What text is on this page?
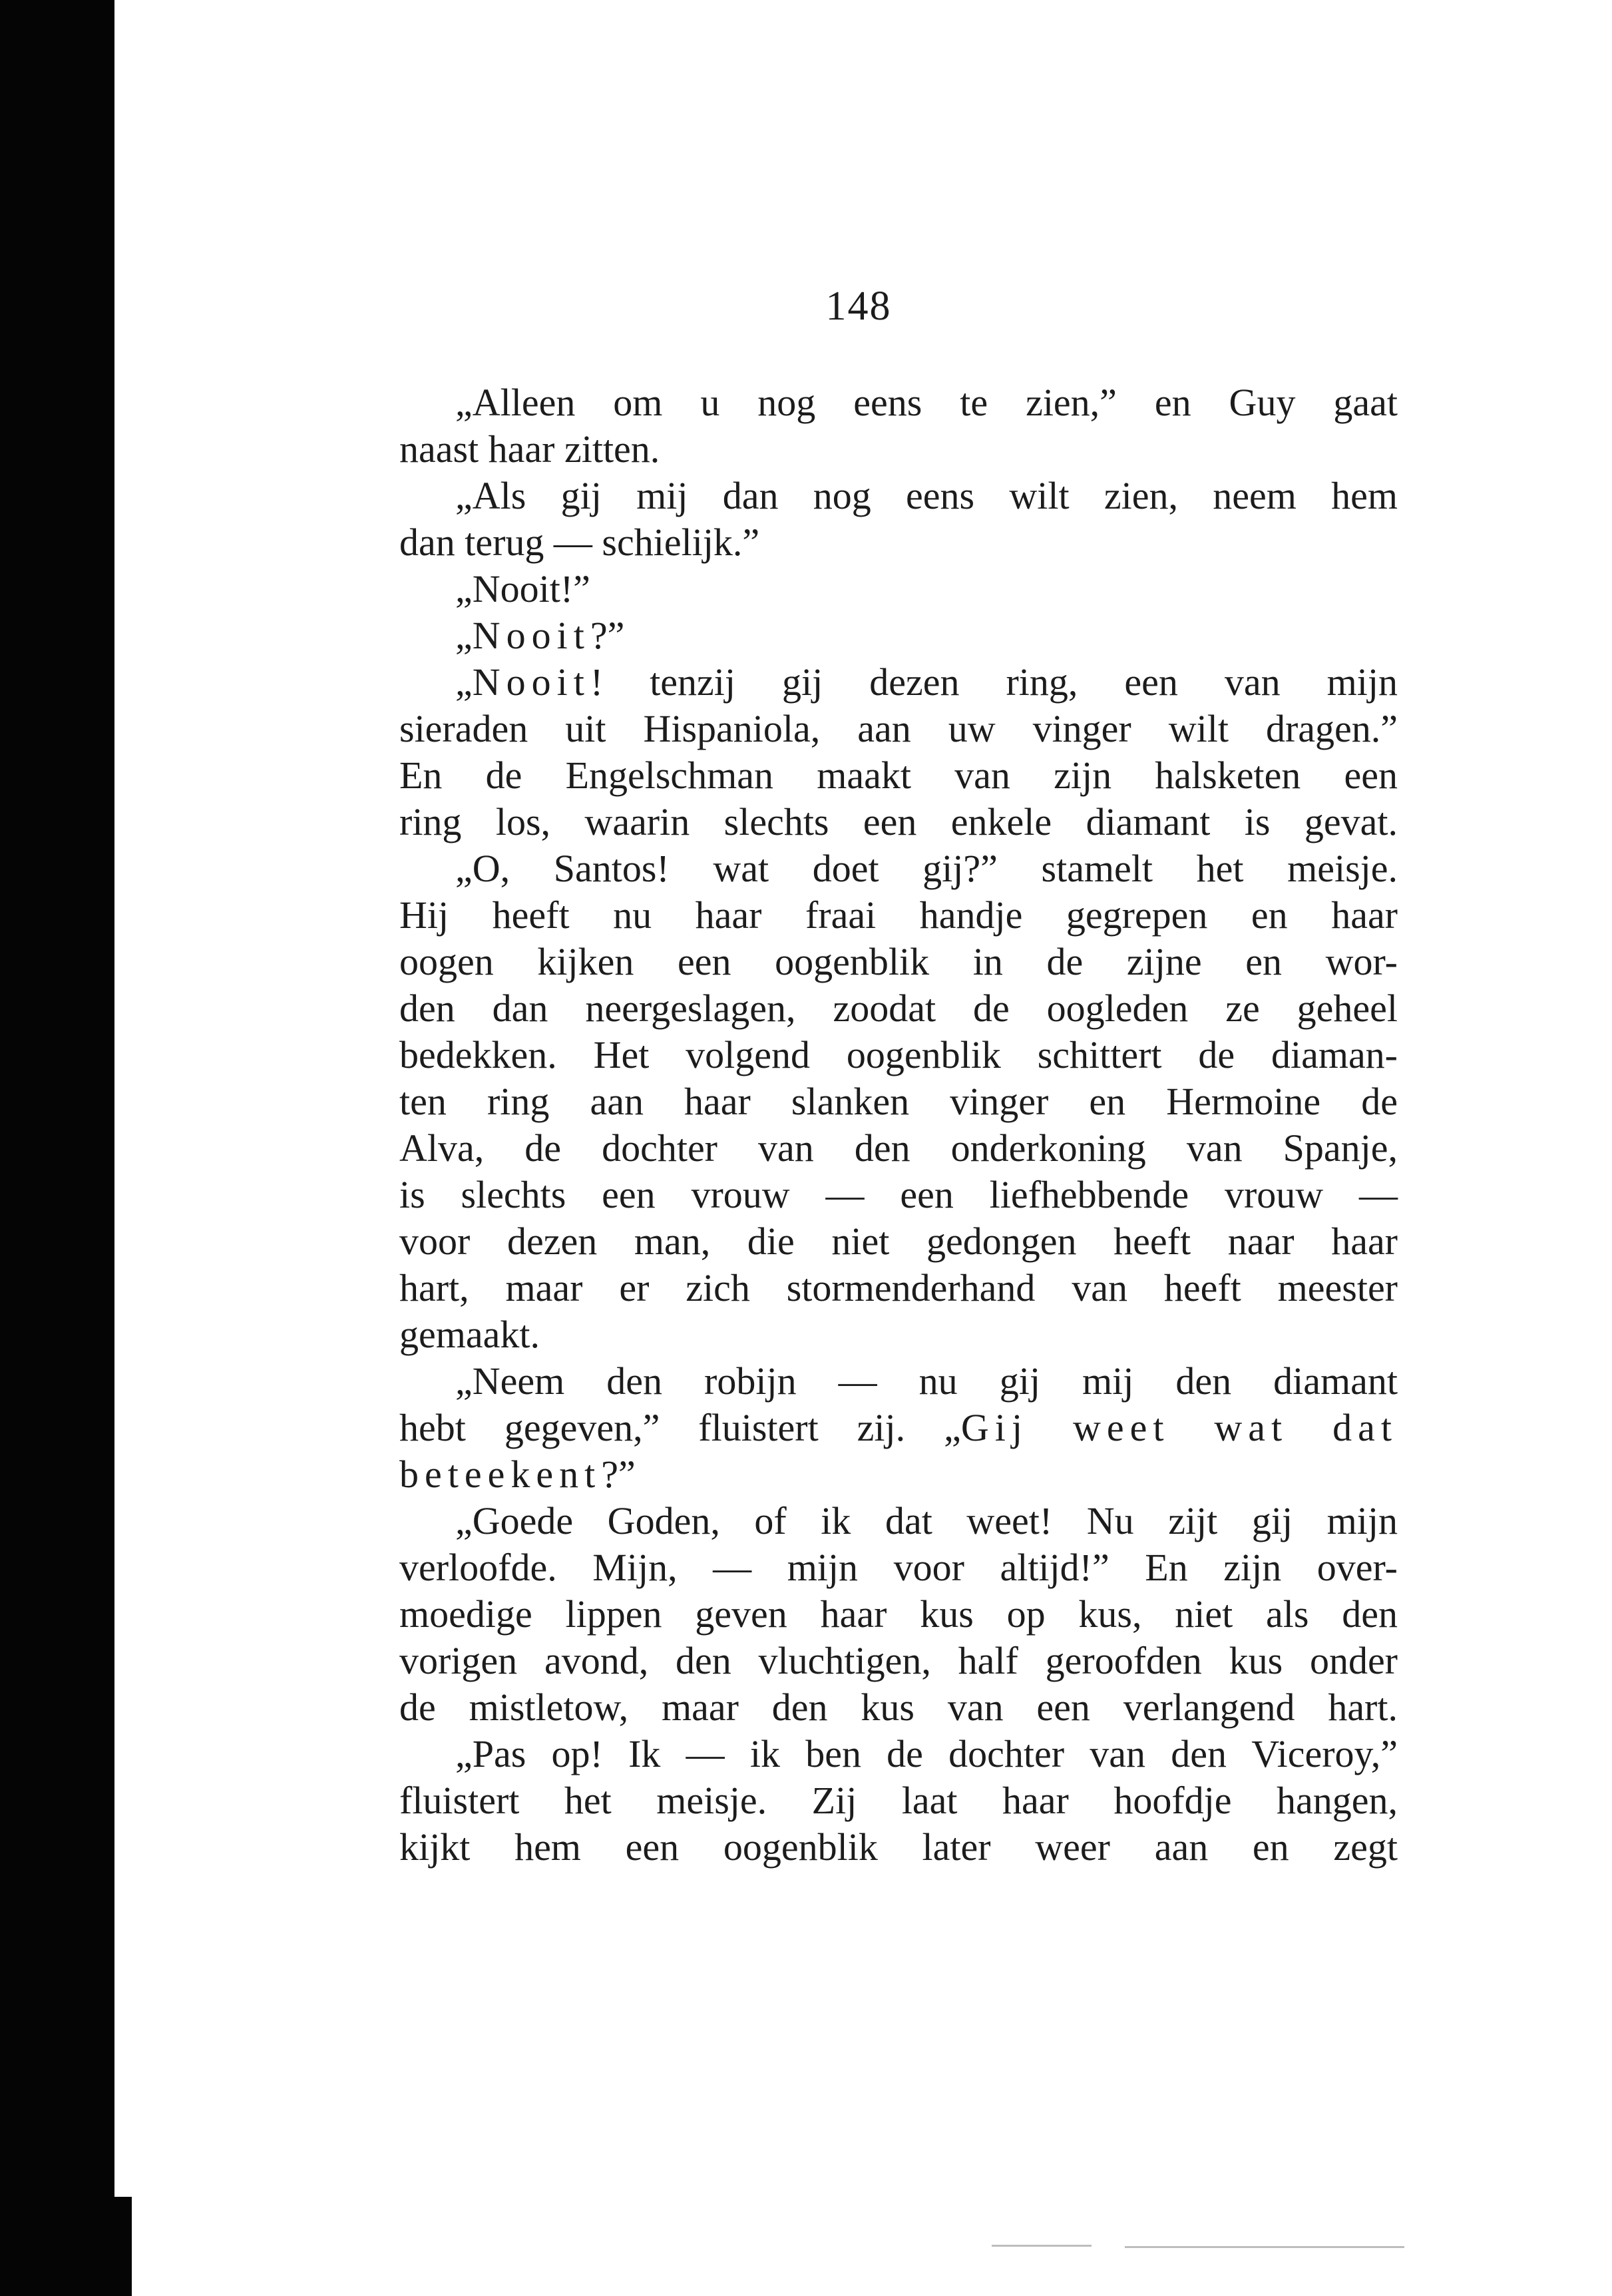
148
„Alleen om u nog eens te zien,” en Guy gaat
naast haar zitten.
„Als gij mij dan nog eens wilt zien, neem hem
dan terug — schielijk.”
„Nooit!”
„Nooit?”
„Nooit! tenzij gij dezen ring, een van mijn
sieraden uit Hispaniola, aan uw vinger wilt dragen.”
En de Engelschman maakt van zijn halsketen een
ring los, waarin slechts een enkele diamant is gevat.
„O, Santos! wat doet gij?” stamelt het meisje.
Hij heeft nu haar fraai handje gegrepen en haar
oogen kijken een oogenblik in de zijne en wor-
den dan neergeslagen, zoodat de oogleden ze geheel
bedekken. Het volgend oogenblik schittert de diaman-
ten ring aan haar slanken vinger en Hermoine de
Alva, de dochter van den onderkoning van Spanje,
is slechts een vrouw — een liefhebbende vrouw —
voor dezen man, die niet gedongen heeft naar haar
hart, maar er zich stormenderhand van heeft meester
gemaakt.
„Neem den robijn — nu gij mij den diamant
hebt gegeven,” fluistert zij. „Gij weet wat dat
beteekent?”
„Goede Goden, of ik dat weet! Nu zijt gij mijn
verloofde. Mijn, — mijn voor altijd!” En zijn over-
moedige lippen geven haar kus op kus, niet als den
vorigen avond, den vluchtigen, half geroofden kus onder
de mistletow, maar den kus van een verlangend hart.
„Pas op! Ik — ik ben de dochter van den Viceroy,”
fluistert het meisje. Zij laat haar hoofdje hangen,
kijkt hem een oogenblik later weer aan en zegt
